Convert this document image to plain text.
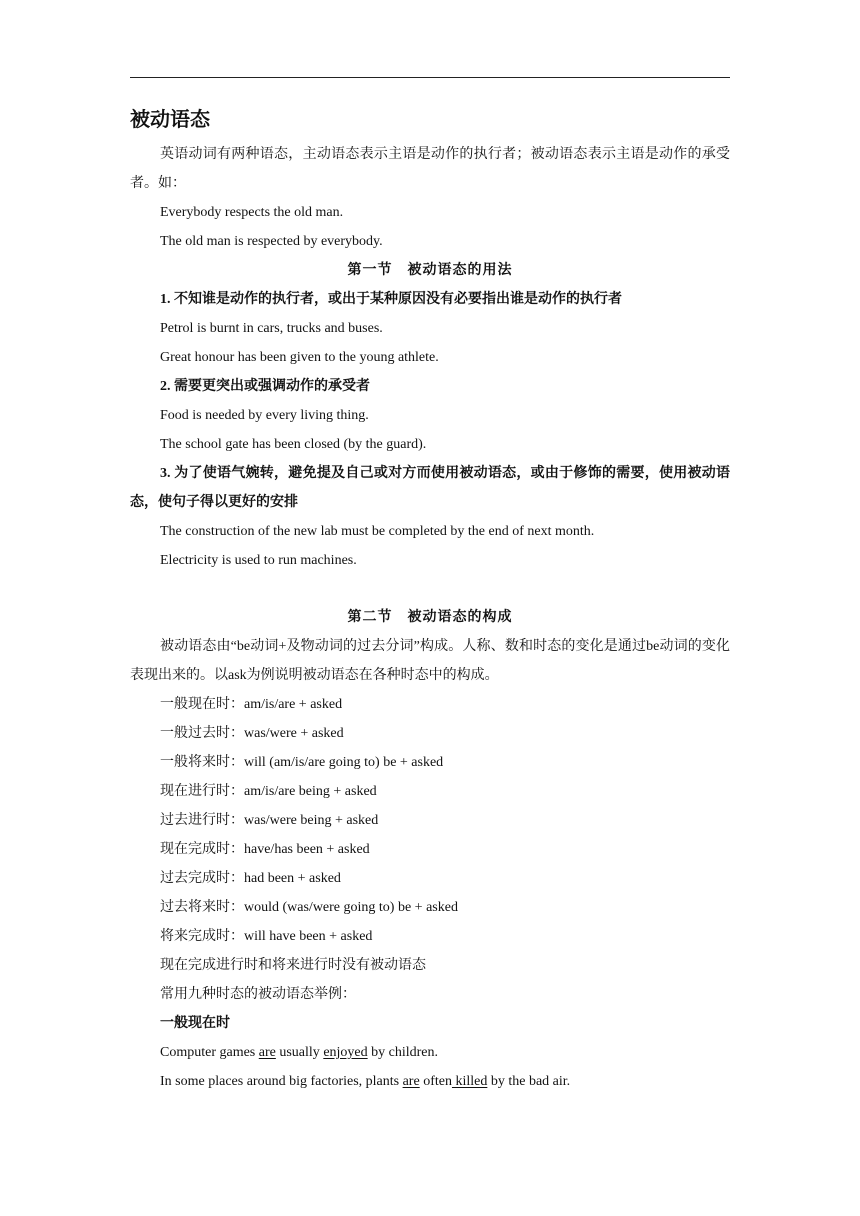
被动语态

英语动词有两种语态，主动语态表示主语是动作的执行者；被动语态表示主语是动作的承受者。如：

Everybody respects the old man.

The old man is respected by everybody.

第一节　被动语态的用法

1. 不知谁是动作的执行者，或出于某种原因没有必要指出谁是动作的执行者

Petrol is burnt in cars, trucks and buses.

Great honour has been given to the young athlete.

2. 需要更突出或强调动作的承受者

Food is needed by every living thing.

The school gate has been closed (by the guard).

3. 为了使语气婉转，避免提及自己或对方而使用被动语态，或由于修饰的需要，使用被动语态，使句子得以更好的安排

The construction of the new lab must be completed by the end of next month.

Electricity is used to run machines.

第二节　被动语态的构成

被动语态由“be动词+及物动词的过去分词”构成。人称、数和时态的变化是通过be动词的变化表现出来的。以ask为例说明被动语态在各种时态中的构成。

一般现在时：am/is/are + asked

一般过去时：was/were + asked

一般将来时：will (am/is/are going to) be + asked

现在进行时：am/is/are being + asked

过去进行时：was/were being + asked

现在完成时：have/has been + asked

过去完成时：had been + asked

过去将来时：would (was/were going to) be + asked

将来完成时：will have been + asked

现在完成进行时和将来进行时没有被动语态

常用九种时态的被动语态举例：

一般现在时

Computer games are usually enjoyed by children.

In some places around big factories, plants are often killed by the bad air.
